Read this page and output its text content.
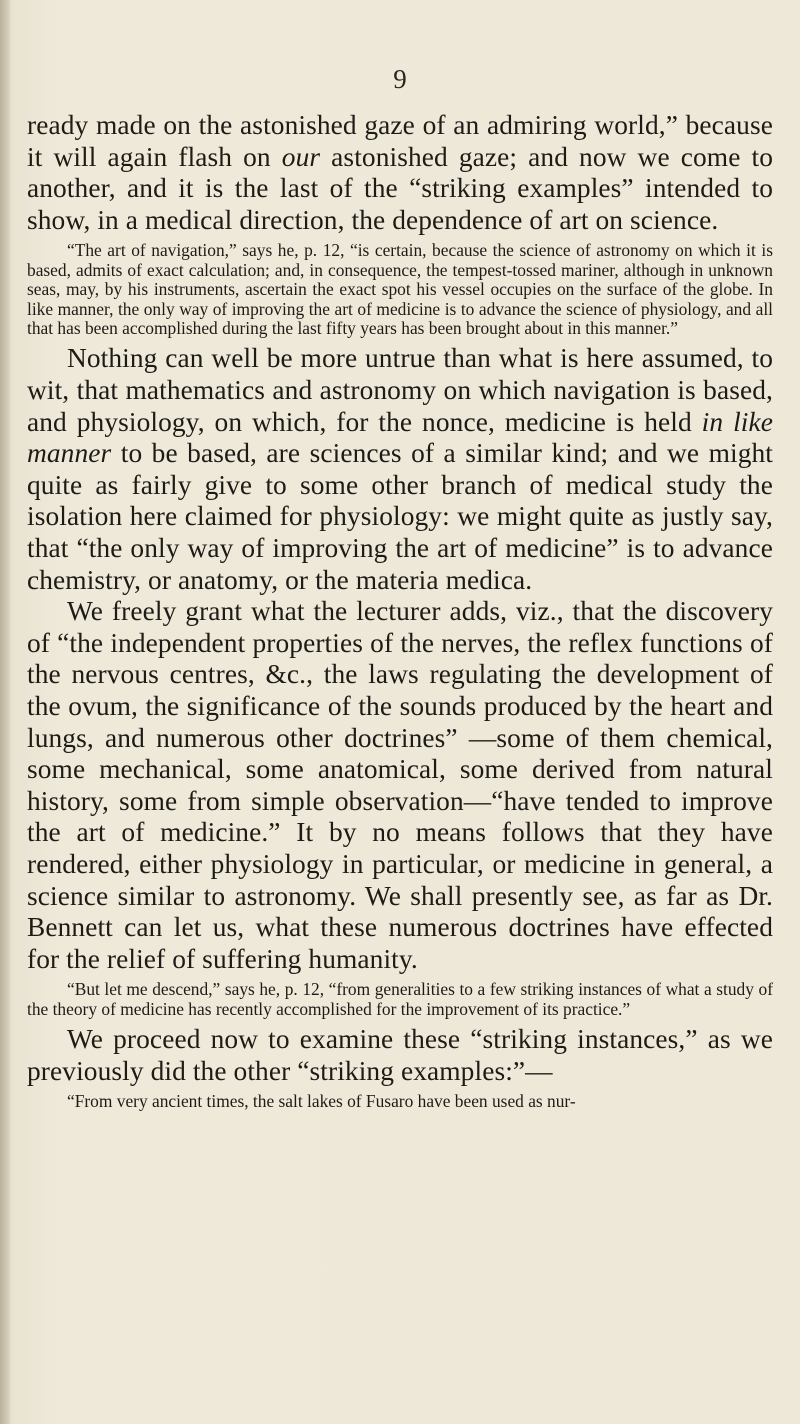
9

ready made on the astonished gaze of an admiring world,” because it will again flash on our astonished gaze; and now we come to another, and it is the last of the “striking examples” intended to show, in a medical direction, the dependence of art on science.

“The art of navigation,” says he, p. 12, “is certain, because the science of astronomy on which it is based, admits of exact calculation; and, in consequence, the tempest-tossed mariner, although in unknown seas, may, by his instruments, ascertain the exact spot his vessel occupies on the surface of the globe. In like manner, the only way of improving the art of medicine is to advance the science of physiology, and all that has been accomplished during the last fifty years has been brought about in this manner.”

Nothing can well be more untrue than what is here assumed, to wit, that mathematics and astronomy on which navigation is based, and physiology, on which, for the nonce, medicine is held in like manner to be based, are sciences of a similar kind; and we might quite as fairly give to some other branch of medical study the isolation here claimed for physiology: we might quite as justly say, that “the only way of improving the art of medicine” is to advance chemistry, or anatomy, or the materia medica.

We freely grant what the lecturer adds, viz., that the discovery of “the independent properties of the nerves, the reflex functions of the nervous centres, &c., the laws regulating the development of the ovum, the significance of the sounds produced by the heart and lungs, and numerous other doctrines” —some of them chemical, some mechanical, some anatomical, some derived from natural history, some from simple observation—“have tended to improve the art of medicine.” It by no means follows that they have rendered, either physiology in particular, or medicine in general, a science similar to astronomy. We shall presently see, as far as Dr. Bennett can let us, what these numerous doctrines have effected for the relief of suffering humanity.

“But let me descend,” says he, p. 12, “from generalities to a few striking instances of what a study of the theory of medicine has recently accomplished for the improvement of its practice.”

We proceed now to examine these “striking instances,” as we previously did the other “striking examples:”—

“From very ancient times, the salt lakes of Fusaro have been used as nur-
